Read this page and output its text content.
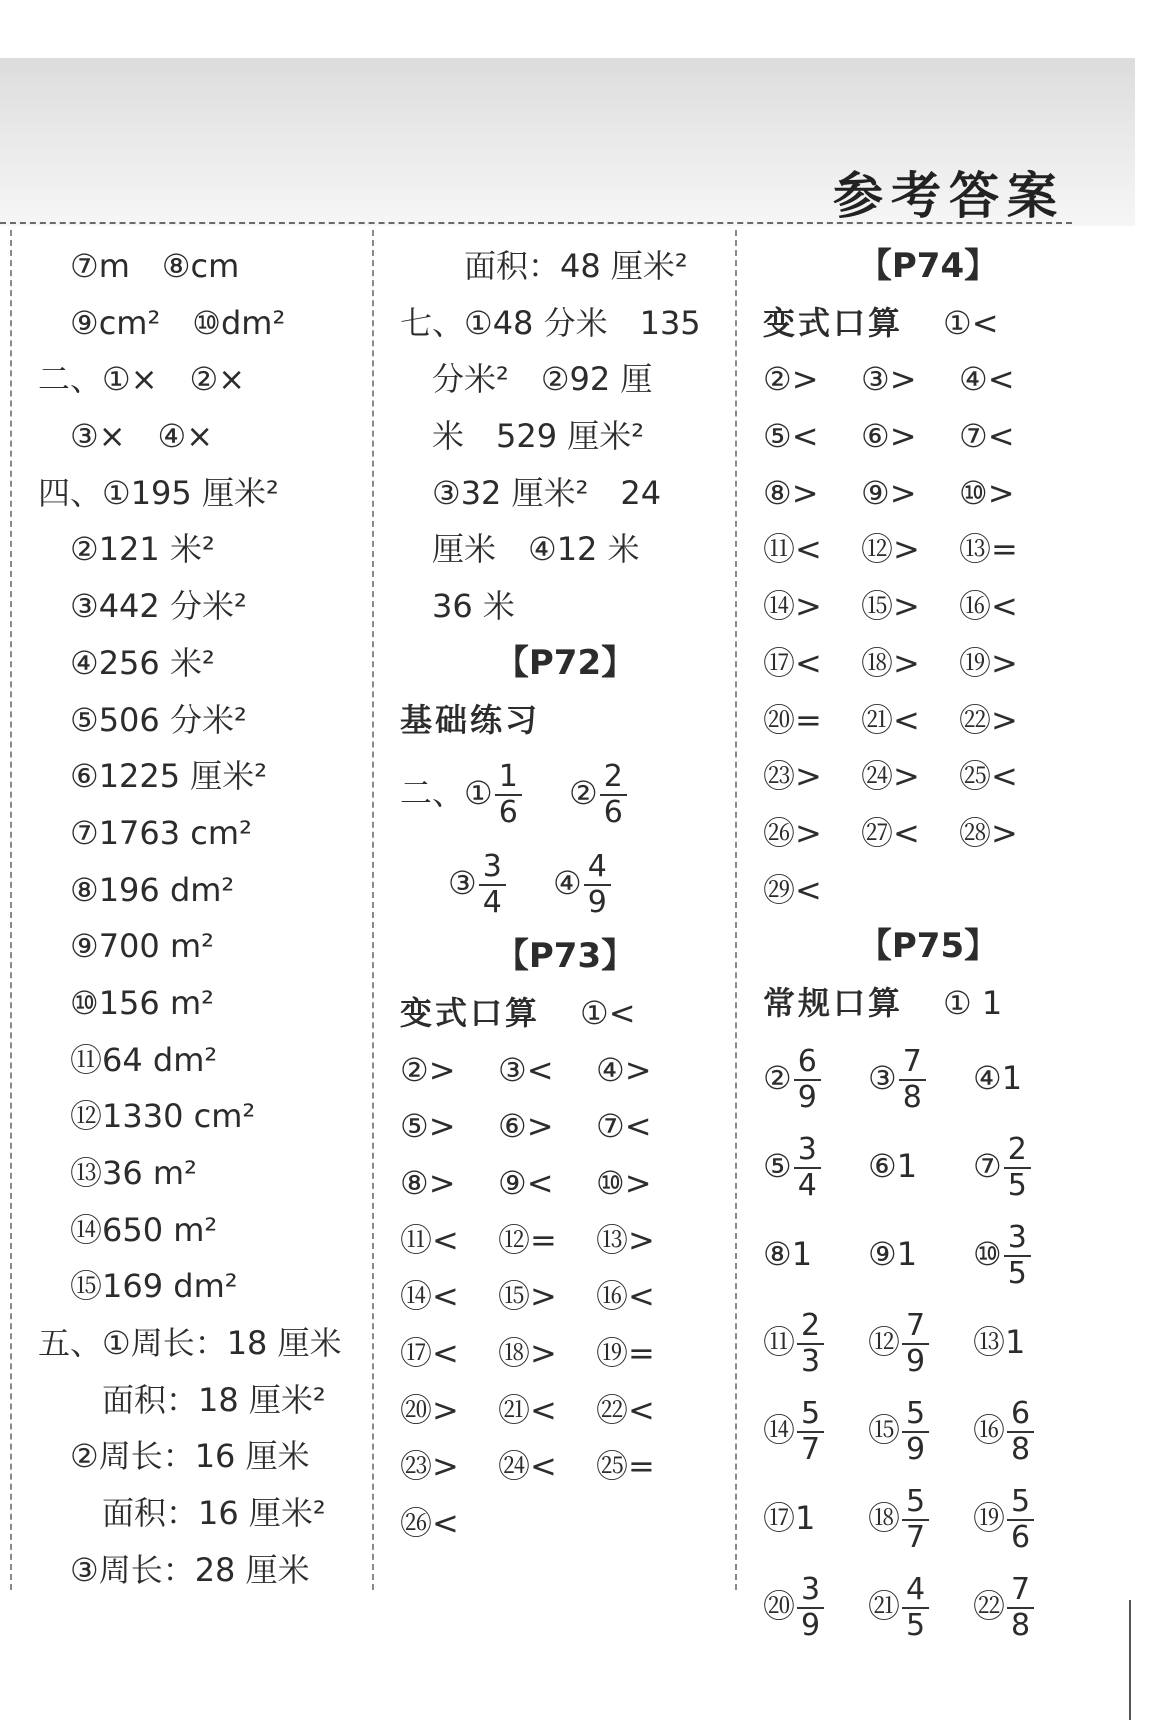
参考答案
　⑦m　⑧cm
　⑨cm²　⑩dm²
二、①×　②×
　③×　④×
四、①195 厘米²
　②121 米²
　③442 分米²
　④256 米²
　⑤506 分米²
　⑥1225 厘米²
　⑦1763 cm²
　⑧196 dm²
　⑨700 m²
　⑩156 m²
　⑪64 dm²
　⑫1330 cm²
　⑬36 m²
　⑭650 m²
　⑮169 dm²
五、①周长：18 厘米
　　面积：18 厘米²
　②周长：16 厘米
　　面积：16 厘米²
　③周长：28 厘米
　　面积：48 厘米²
七、①48 分米　135
　分米²　②92 厘
　米　529 厘米²
　③32 厘米²　24
　厘米　④12 米
　36 米
【P72】
基础练习
二、① $\frac{1}{6}$ ② $\frac{2}{6}$
③ $\frac{3}{4}$ ④ $\frac{4}{9}$
【P73】
变式口算 ①<
②> ③< ④>
⑤> ⑥> ⑦<
⑧> ⑨< ⑩>
⑪< ⑫= ⑬>
⑭< ⑮> ⑯<
⑰< ⑱> ⑲=
⑳> ㉑< ㉒<
㉓> ㉔< ㉕=
㉖<
【P74】
变式口算 ①<
②> ③> ④<
⑤< ⑥> ⑦<
⑧> ⑨> ⑩>
⑪< ⑫> ⑬=
⑭> ⑮> ⑯<
⑰< ⑱> ⑲>
⑳= ㉑< ㉒>
㉓> ㉔> ㉕<
㉖> ㉗< ㉘>
㉙<
【P75】
常规口算 ① 1
② $\frac{6}{9}$ ③ $\frac{7}{8}$ ④1
⑤ $\frac{3}{4}$ ⑥1 ⑦ $\frac{2}{5}$
⑧1 ⑨1 ⑩ $\frac{3}{5}$
⑪ $\frac{2}{3}$ ⑫ $\frac{7}{9}$ ⑬1
⑭ $\frac{5}{7}$ ⑮ $\frac{5}{9}$ ⑯ $\frac{6}{8}$
⑰1 ⑱ $\frac{5}{7}$ ⑲ $\frac{5}{6}$
⑳ $\frac{3}{9}$ ㉑ $\frac{4}{5}$ ㉒ $\frac{7}{8}$
